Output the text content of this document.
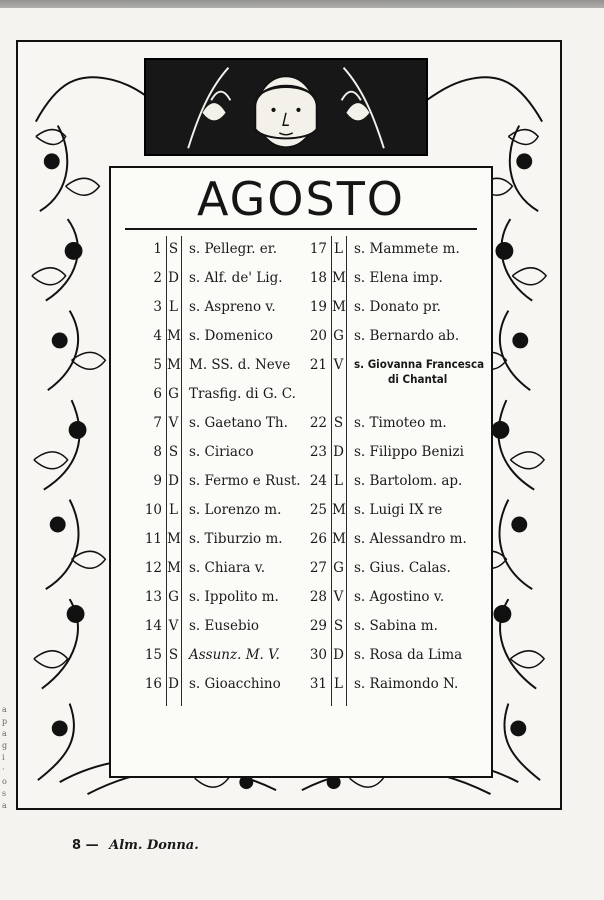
AGOSTO
1 S s. Pellegr. er.
2 D s. Alf. de' Lig.
3 L s. Aspreno v.
4 M s. Domenico
5 M M. SS. d. Neve
6 G Trasfig. di G. C.
7 V s. Gaetano Th.
8 S s. Ciriaco
9 D s. Fermo e Rust.
10 L s. Lorenzo m.
11 M s. Tiburzio m.
12 M s. Chiara v.
13 G s. Ippolito m.
14 V s. Eusebio
15 S Assunz. M. V.
16 D s. Gioacchino
17 L s. Mammete m.
18 M s. Elena imp.
19 M s. Donato pr.
20 G s. Bernardo ab.
21 V s. Giovanna Francesca
di Chantal
22 S s. Timoteo m.
23 D s. Filippo Benizi
24 L s. Bartolom. ap.
25 M s. Luigi IX re
26 M s. Alessandro m.
27 G s. Gius. Calas.
28 V s. Agostino v.
29 S s. Sabina m.
30 D s. Rosa da Lima
31 L s. Raimondo N.
a
p
a
g
i
·
o
s
a
8 — Alm. Donna.
